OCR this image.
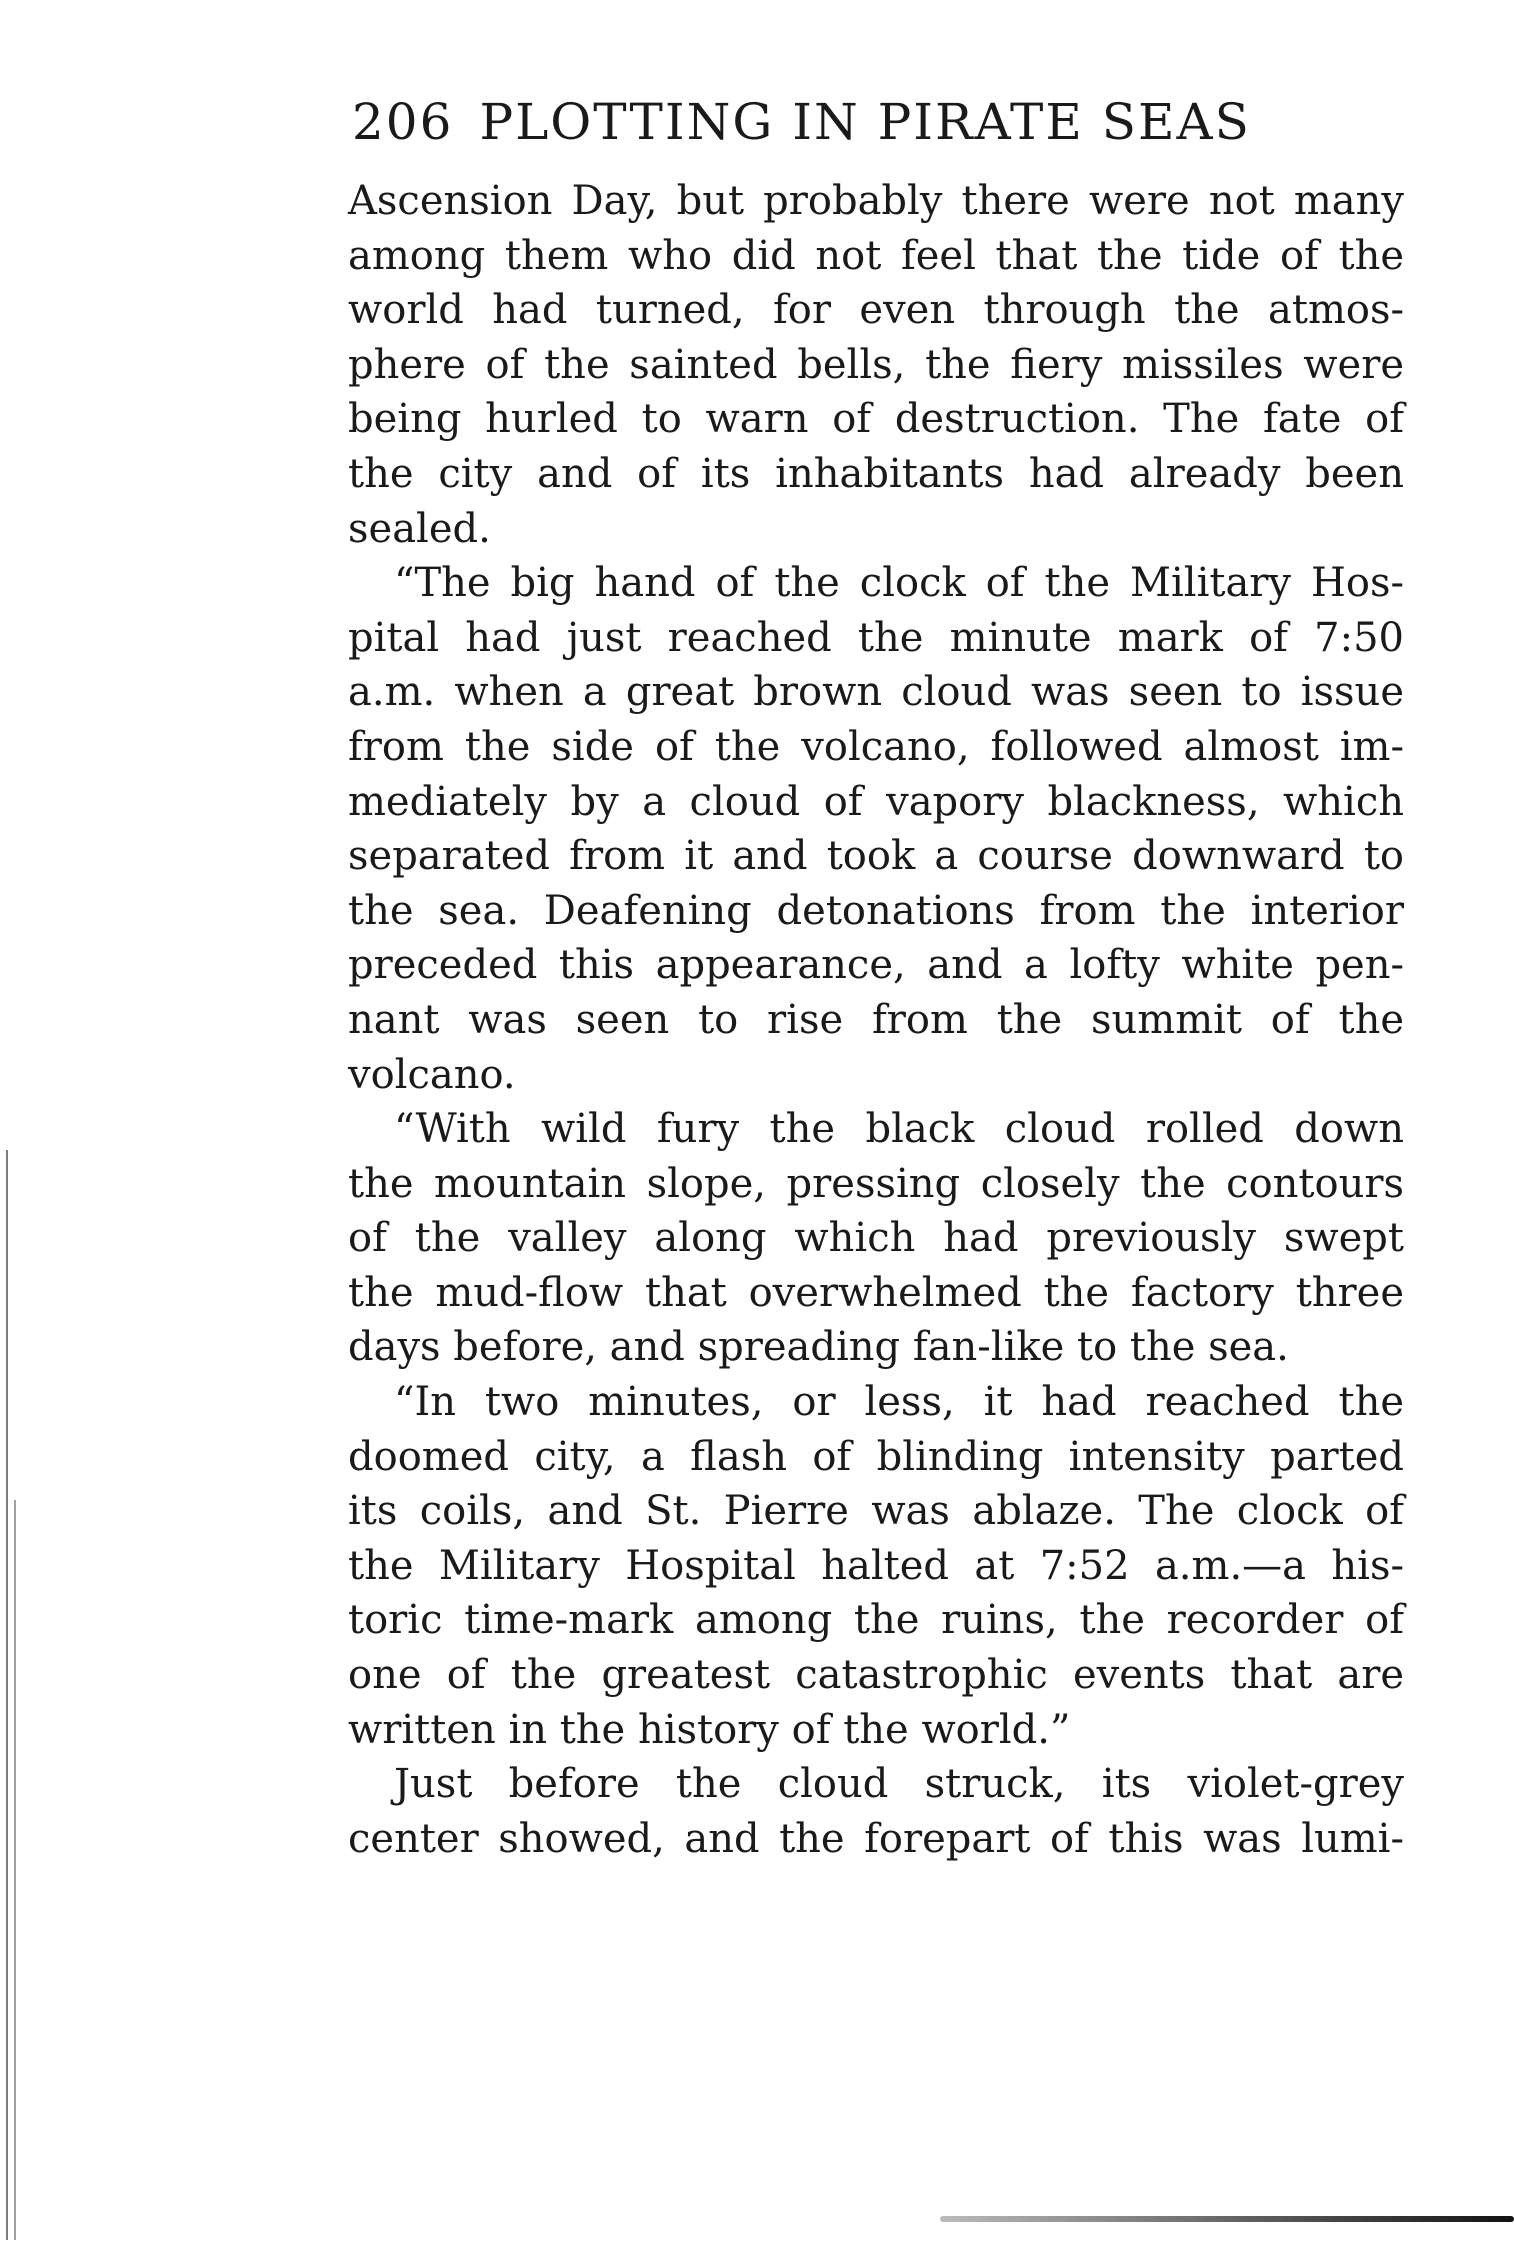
206 PLOTTING IN PIRATE SEAS
Ascension Day, but probably there were not many
among them who did not feel that the tide of the
world had turned, for even through the atmos-
phere of the sainted bells, the fiery missiles were
being hurled to warn of destruction. The fate of
the city and of its inhabitants had already been
sealed.
“The big hand of the clock of the Military Hos-
pital had just reached the minute mark of 7:50
a.m. when a great brown cloud was seen to issue
from the side of the volcano, followed almost im-
mediately by a cloud of vapory blackness, which
separated from it and took a course downward to
the sea. Deafening detonations from the interior
preceded this appearance, and a lofty white pen-
nant was seen to rise from the summit of the
volcano.
“With wild fury the black cloud rolled down
the mountain slope, pressing closely the contours
of the valley along which had previously swept
the mud-flow that overwhelmed the factory three
days before, and spreading fan-like to the sea.
“In two minutes, or less, it had reached the
doomed city, a flash of blinding intensity parted
its coils, and St. Pierre was ablaze. The clock of
the Military Hospital halted at 7:52 a.m.—a his-
toric time-mark among the ruins, the recorder of
one of the greatest catastrophic events that are
written in the history of the world.”
Just before the cloud struck, its violet-grey
center showed, and the forepart of this was lumi-
